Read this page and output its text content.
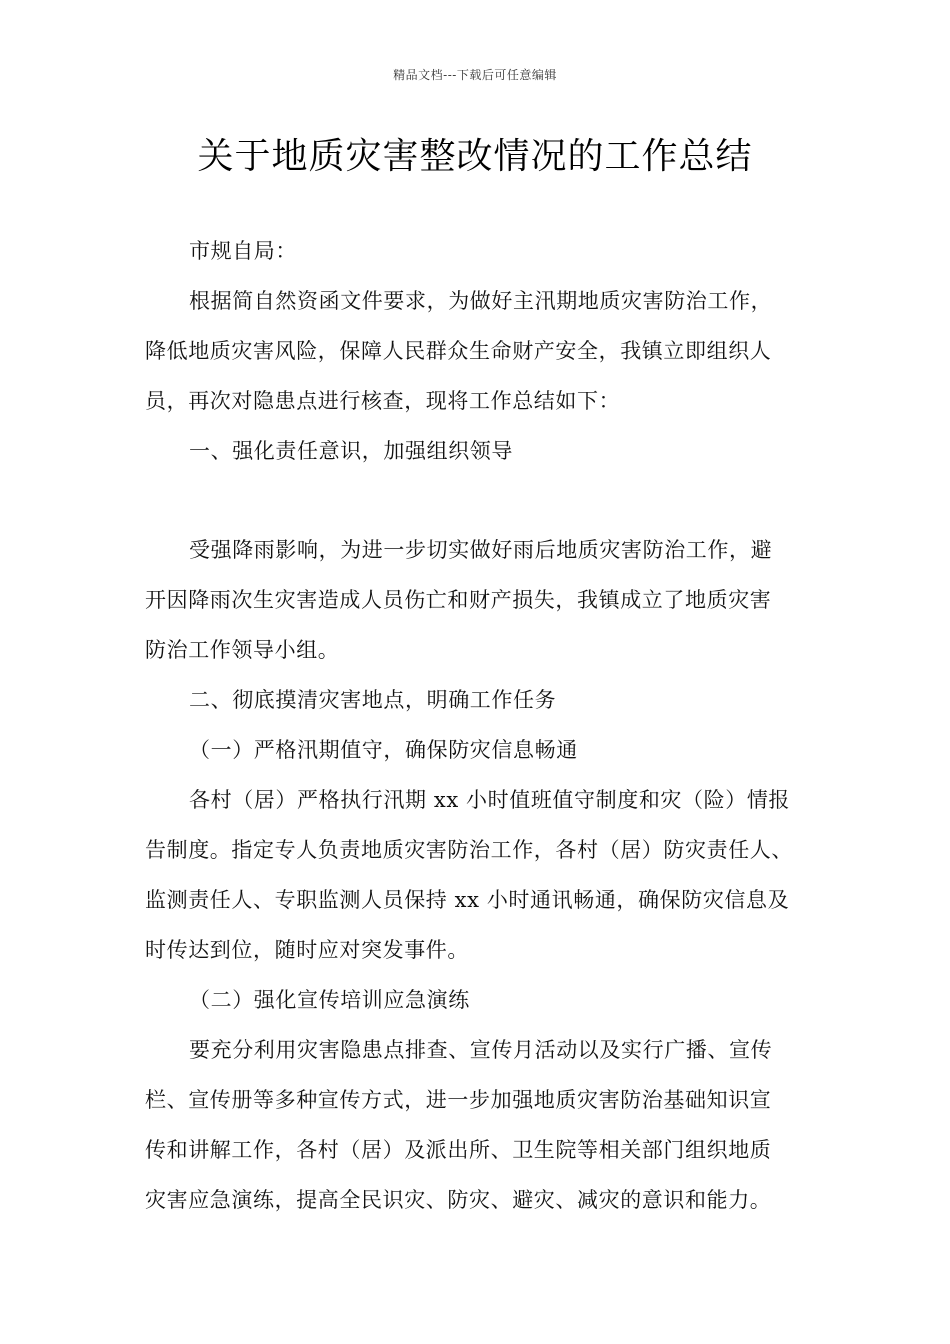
精品文档---下载后可任意编辑
关于地质灾害整改情况的工作总结

市规自局：

根据简自然资函文件要求，为做好主汛期地质灾害防治工作，

降低地质灾害风险，保障人民群众生命财产安全，我镇立即组织人

员，再次对隐患点进行核查，现将工作总结如下：

一、强化责任意识，加强组织领导

受强降雨影响，为进一步切实做好雨后地质灾害防治工作，避

开因降雨次生灾害造成人员伤亡和财产损失，我镇成立了地质灾害

防治工作领导小组。

二、彻底摸清灾害地点，明确工作任务

（一）严格汛期值守，确保防灾信息畅通

各村（居）严格执行汛期 xx 小时值班值守制度和灾（险）情报

告制度。指定专人负责地质灾害防治工作，各村（居）防灾责任人、

监测责任人、专职监测人员保持 xx 小时通讯畅通，确保防灾信息及

时传达到位，随时应对突发事件。

（二）强化宣传培训应急演练

要充分利用灾害隐患点排查、宣传月活动以及实行广播、宣传

栏、宣传册等多种宣传方式，进一步加强地质灾害防治基础知识宣

传和讲解工作，各村（居）及派出所、卫生院等相关部门组织地质

灾害应急演练，提高全民识灾、防灾、避灾、减灾的意识和能力。
